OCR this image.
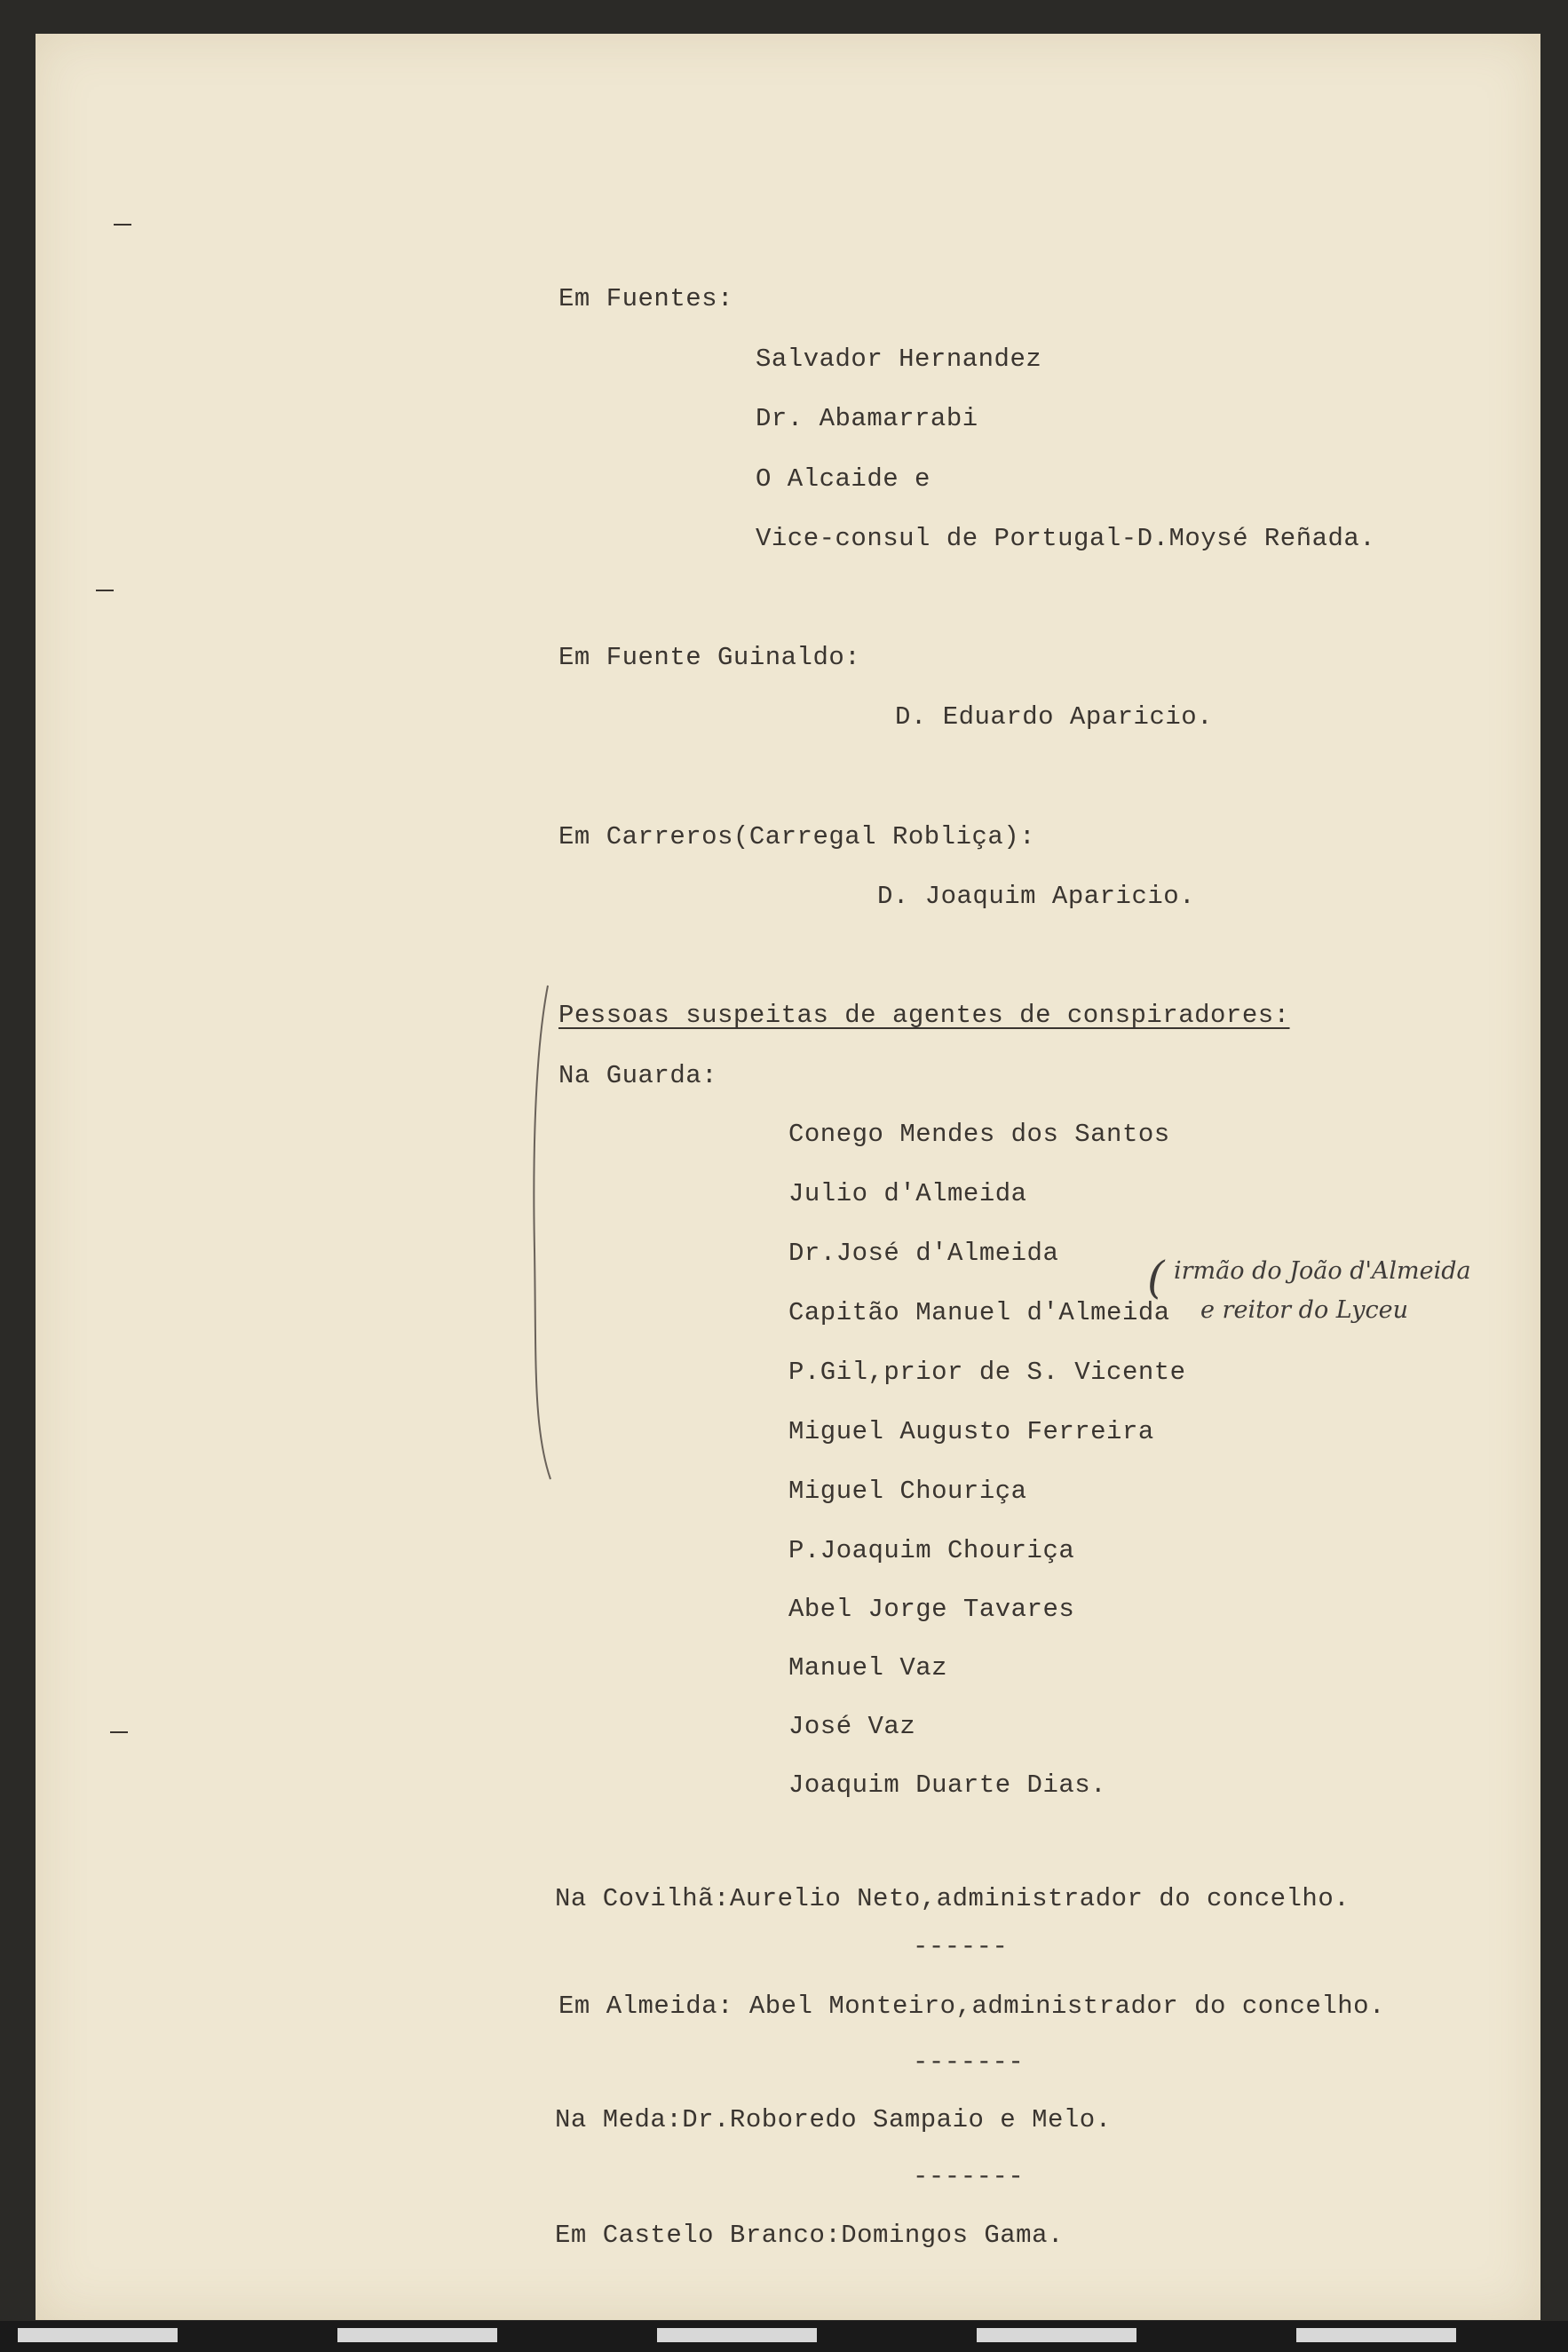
Em Fuentes:
Salvador Hernandez
Dr. Abamarrabi
O Alcaide e
Vice-consul de Portugal-D.Moysé Reñada.
Em Fuente Guinaldo:
D. Eduardo Aparicio.
Em Carreros(Carregal Robliça):
D. Joaquim Aparicio.
Pessoas suspeitas de agentes de conspiradores:
Na Guarda:
Conego Mendes dos Santos
Julio d'Almeida
Dr.José d'Almeida
Capitão Manuel d'Almeida
P.Gil,prior de S. Vicente
Miguel Augusto Ferreira
Miguel Chouriça
P.Joaquim Chouriça
Abel Jorge Tavares
Manuel Vaz
José Vaz
Joaquim Duarte Dias.
Na Covilhã:Aurelio Neto,administrador do concelho.
------
Em Almeida: Abel Monteiro,administrador do concelho.
-------
Na Meda:Dr.Roboredo Sampaio e Melo.
-------
Em Castelo Branco:Domingos Gama.
( irmão do João d'Almeida
e reitor do Lyceu
